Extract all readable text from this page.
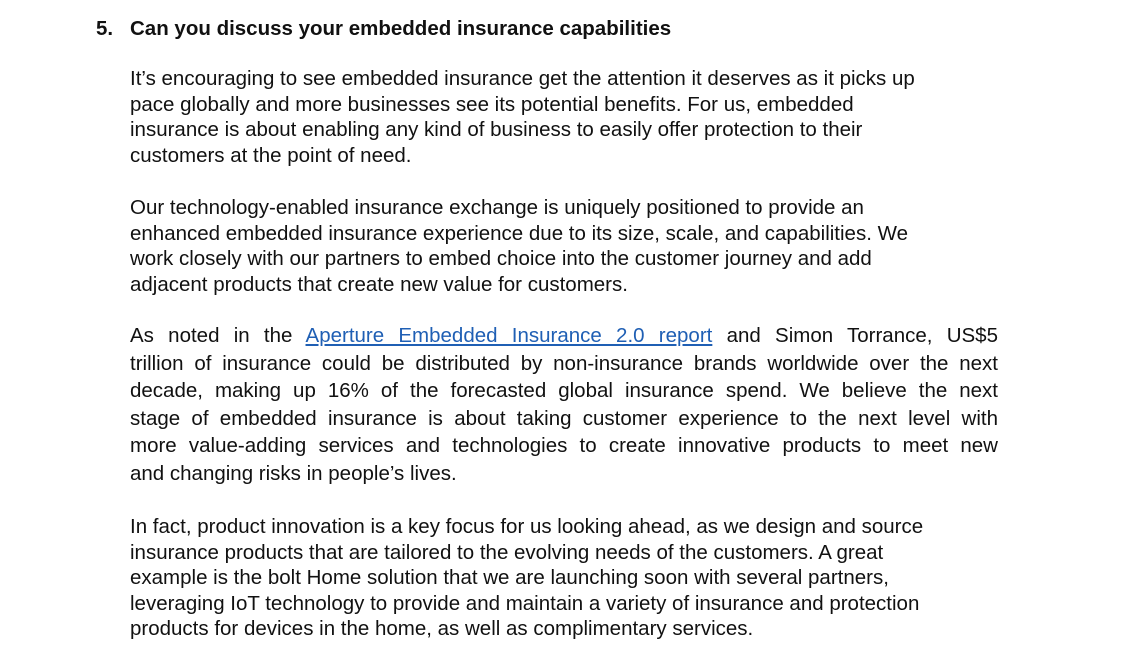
5. Can you discuss your embedded insurance capabilities
It’s encouraging to see embedded insurance get the attention it deserves as it picks up
pace globally and more businesses see its potential benefits. For us, embedded
insurance is about enabling any kind of business to easily offer protection to their
customers at the point of need.
Our technology-enabled insurance exchange is uniquely positioned to provide an
enhanced embedded insurance experience due to its size, scale, and capabilities. We
work closely with our partners to embed choice into the customer journey and add
adjacent products that create new value for customers.
As noted in the Aperture Embedded Insurance 2.0 report and Simon Torrance, US$5
trillion of insurance could be distributed by non-insurance brands worldwide over the next
decade, making up 16% of the forecasted global insurance spend. We believe the next
stage of embedded insurance is about taking customer experience to the next level with
more value-adding services and technologies to create innovative products to meet new
and changing risks in people’s lives.
In fact, product innovation is a key focus for us looking ahead, as we design and source
insurance products that are tailored to the evolving needs of the customers. A great
example is the bolt Home solution that we are launching soon with several partners,
leveraging IoT technology to provide and maintain a variety of insurance and protection
products for devices in the home, as well as complimentary services.
